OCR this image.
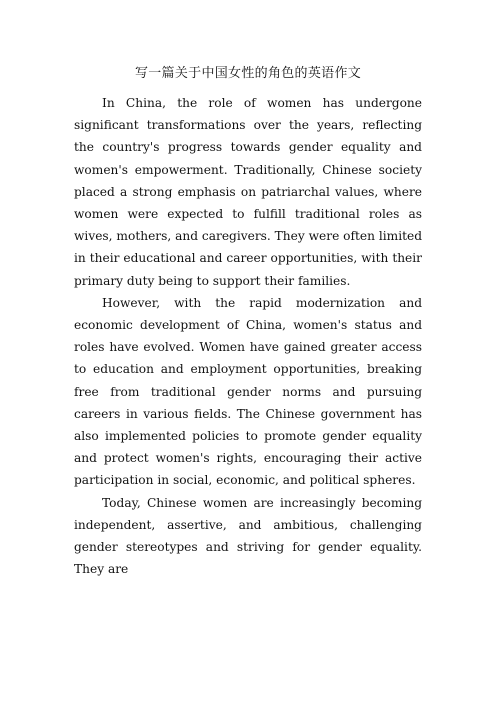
写一篇关于中国女性的角色的英语作文

In China, the role of women has undergone significant transformations over the years, reflecting the country's progress towards gender equality and women's empowerment. Traditionally, Chinese society placed a strong emphasis on patriarchal values, where women were expected to fulfill traditional roles as wives, mothers, and caregivers. They were often limited in their educational and career opportunities, with their primary duty being to support their families.

However, with the rapid modernization and economic development of China, women's status and roles have evolved. Women have gained greater access to education and employment opportunities, breaking free from traditional gender norms and pursuing careers in various fields. The Chinese government has also implemented policies to promote gender equality and protect women's rights, encouraging their active participation in social, economic, and political spheres.

Today, Chinese women are increasingly becoming independent, assertive, and ambitious, challenging gender stereotypes and striving for gender equality. They are
